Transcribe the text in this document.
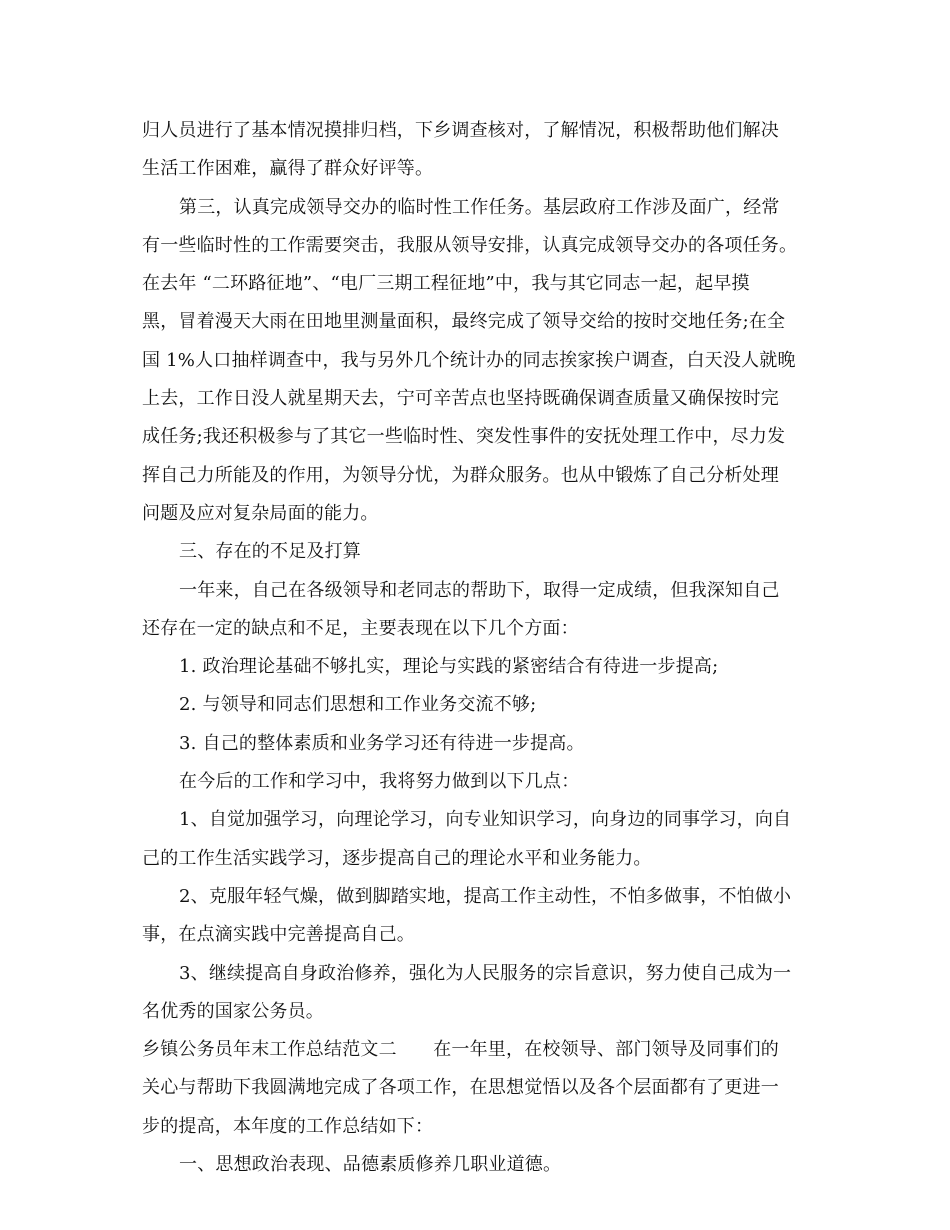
归人员进行了基本情况摸排归档，下乡调查核对，了解情况，积极帮助他们解决
生活工作困难，赢得了群众好评等。
第三，认真完成领导交办的临时性工作任务。基层政府工作涉及面广，经常
有一些临时性的工作需要突击，我服从领导安排，认真完成领导交办的各项任务。
在去年 “二环路征地”、“电厂三期工程征地”中，我与其它同志一起，起早摸
黑，冒着漫天大雨在田地里测量面积，最终完成了领导交给的按时交地任务;在全
国 1%人口抽样调查中，我与另外几个统计办的同志挨家挨户调查，白天没人就晚
上去，工作日没人就星期天去，宁可辛苦点也坚持既确保调查质量又确保按时完
成任务;我还积极参与了其它一些临时性、突发性事件的安抚处理工作中，尽力发
挥自己力所能及的作用，为领导分忧，为群众服务。也从中锻炼了自己分析处理
问题及应对复杂局面的能力。
三、存在的不足及打算
一年来，自己在各级领导和老同志的帮助下，取得一定成绩，但我深知自己
还存在一定的缺点和不足，主要表现在以下几个方面：
1. 政治理论基础不够扎实，理论与实践的紧密结合有待进一步提高;
2. 与领导和同志们思想和工作业务交流不够;
3. 自己的整体素质和业务学习还有待进一步提高。
在今后的工作和学习中，我将努力做到以下几点：
1、自觉加强学习，向理论学习，向专业知识学习，向身边的同事学习，向自
己的工作生活实践学习，逐步提高自己的理论水平和业务能力。
2、克服年轻气燥，做到脚踏实地，提高工作主动性，不怕多做事，不怕做小
事，在点滴实践中完善提高自己。
3、继续提高自身政治修养，强化为人民服务的宗旨意识，努力使自己成为一
名优秀的国家公务员。
乡镇公务员年末工作总结范文二　　在一年里，在校领导、部门领导及同事们的
关心与帮助下我圆满地完成了各项工作，在思想觉悟以及各个层面都有了更进一
步的提高，本年度的工作总结如下：
一、思想政治表现、品德素质修养几职业道德。
